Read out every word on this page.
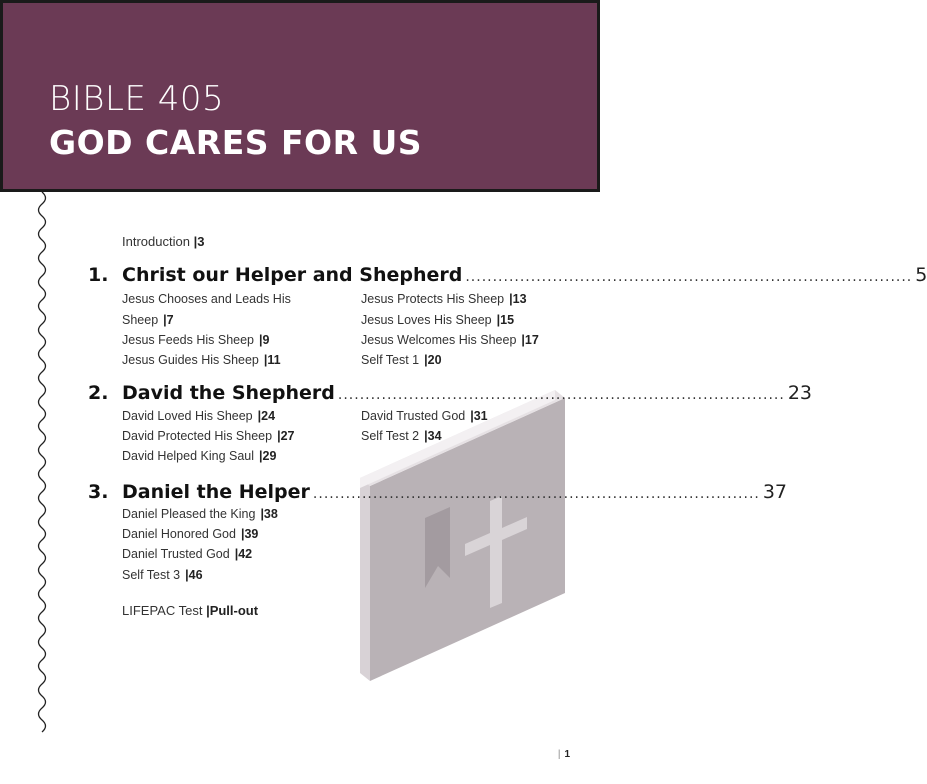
BIBLE 405
GOD CARES FOR US
Introduction |3
1. Christ our Helper and Shepherd .................................................................................. 5
Jesus Chooses and Leads His
Sheep |7
Jesus Feeds His Sheep |9
Jesus Guides His Sheep |11
Jesus Protects His Sheep |13
Jesus Loves His Sheep |15
Jesus Welcomes His Sheep |17
Self Test 1 |20
2. David the Shepherd .................................................................................. 23
David Loved His Sheep |24
David Protected His Sheep |27
David Helped King Saul |29
David Trusted God |31
Self Test 2 |34
3. Daniel the Helper .................................................................................. 37
Daniel Pleased the King |38
Daniel Honored God |39
Daniel Trusted God |42
Self Test 3 |46
LIFEPAC Test |Pull-out
| 1
